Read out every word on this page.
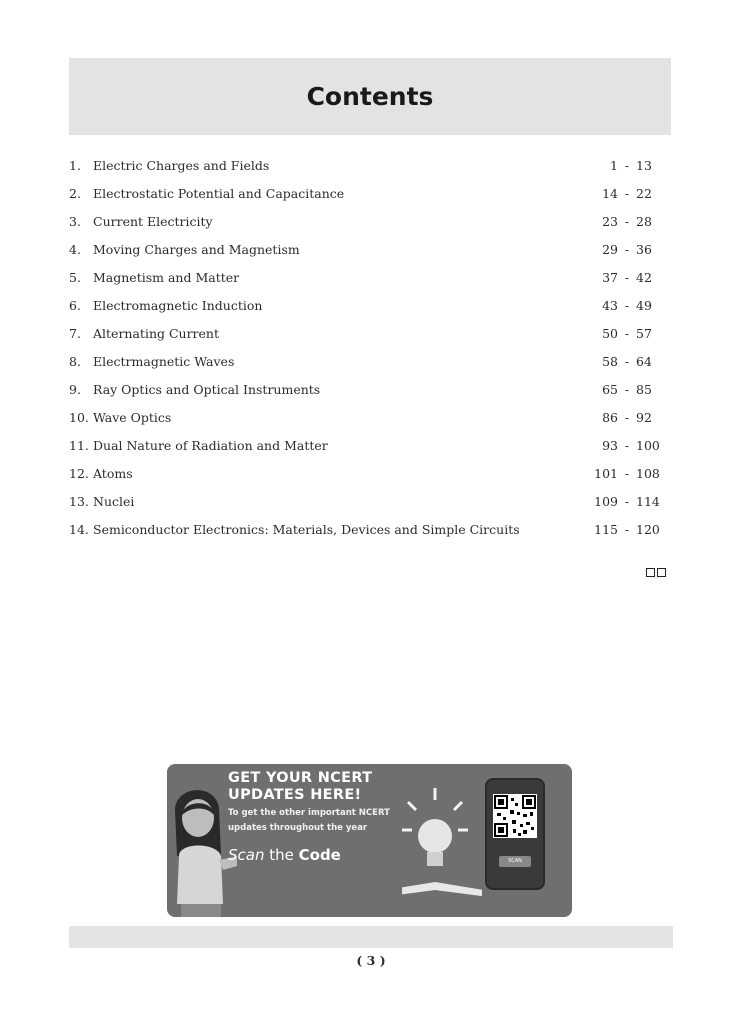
Contents
1. Electric Charges and Fields	1 - 13
2. Electrostatic Potential and Capacitance	14 - 22
3. Current Electricity	23 - 28
4. Moving Charges and Magnetism	29 - 36
5. Magnetism and Matter	37 - 42
6. Electromagnetic Induction	43 - 49
7. Alternating Current	50 - 57
8. Electrmagnetic Waves	58 - 64
9. Ray Optics and Optical Instruments	65 - 85
10. Wave Optics	86 - 92
11. Dual Nature of Radiation and Matter	93 - 100
12. Atoms	101 - 108
13. Nuclei	109 - 114
14. Semiconductor Electronics: Materials, Devices and Simple Circuits	115 - 120
GET YOUR NCERT
UPDATES HERE!
To get the other important NCERT
updates throughout the year
Scan the Code	SCAN
( 3 )
